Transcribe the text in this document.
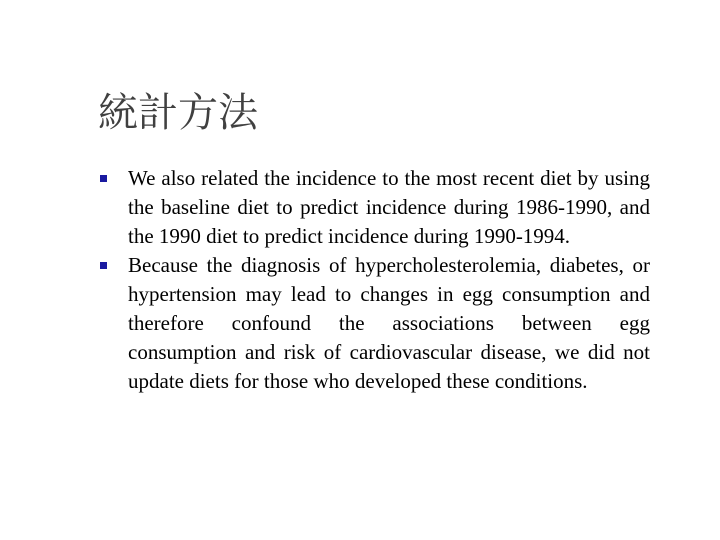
統計方法
We also related the incidence to the most recent diet by using the baseline diet to predict incidence during 1986-1990, and the 1990 diet to predict incidence during 1990-1994.
Because the diagnosis of hypercholesterolemia, diabetes, or hypertension may lead to changes in egg consumption and therefore confound the associations between egg consumption and risk of cardiovascular disease, we did not update diets for those who developed these conditions.
